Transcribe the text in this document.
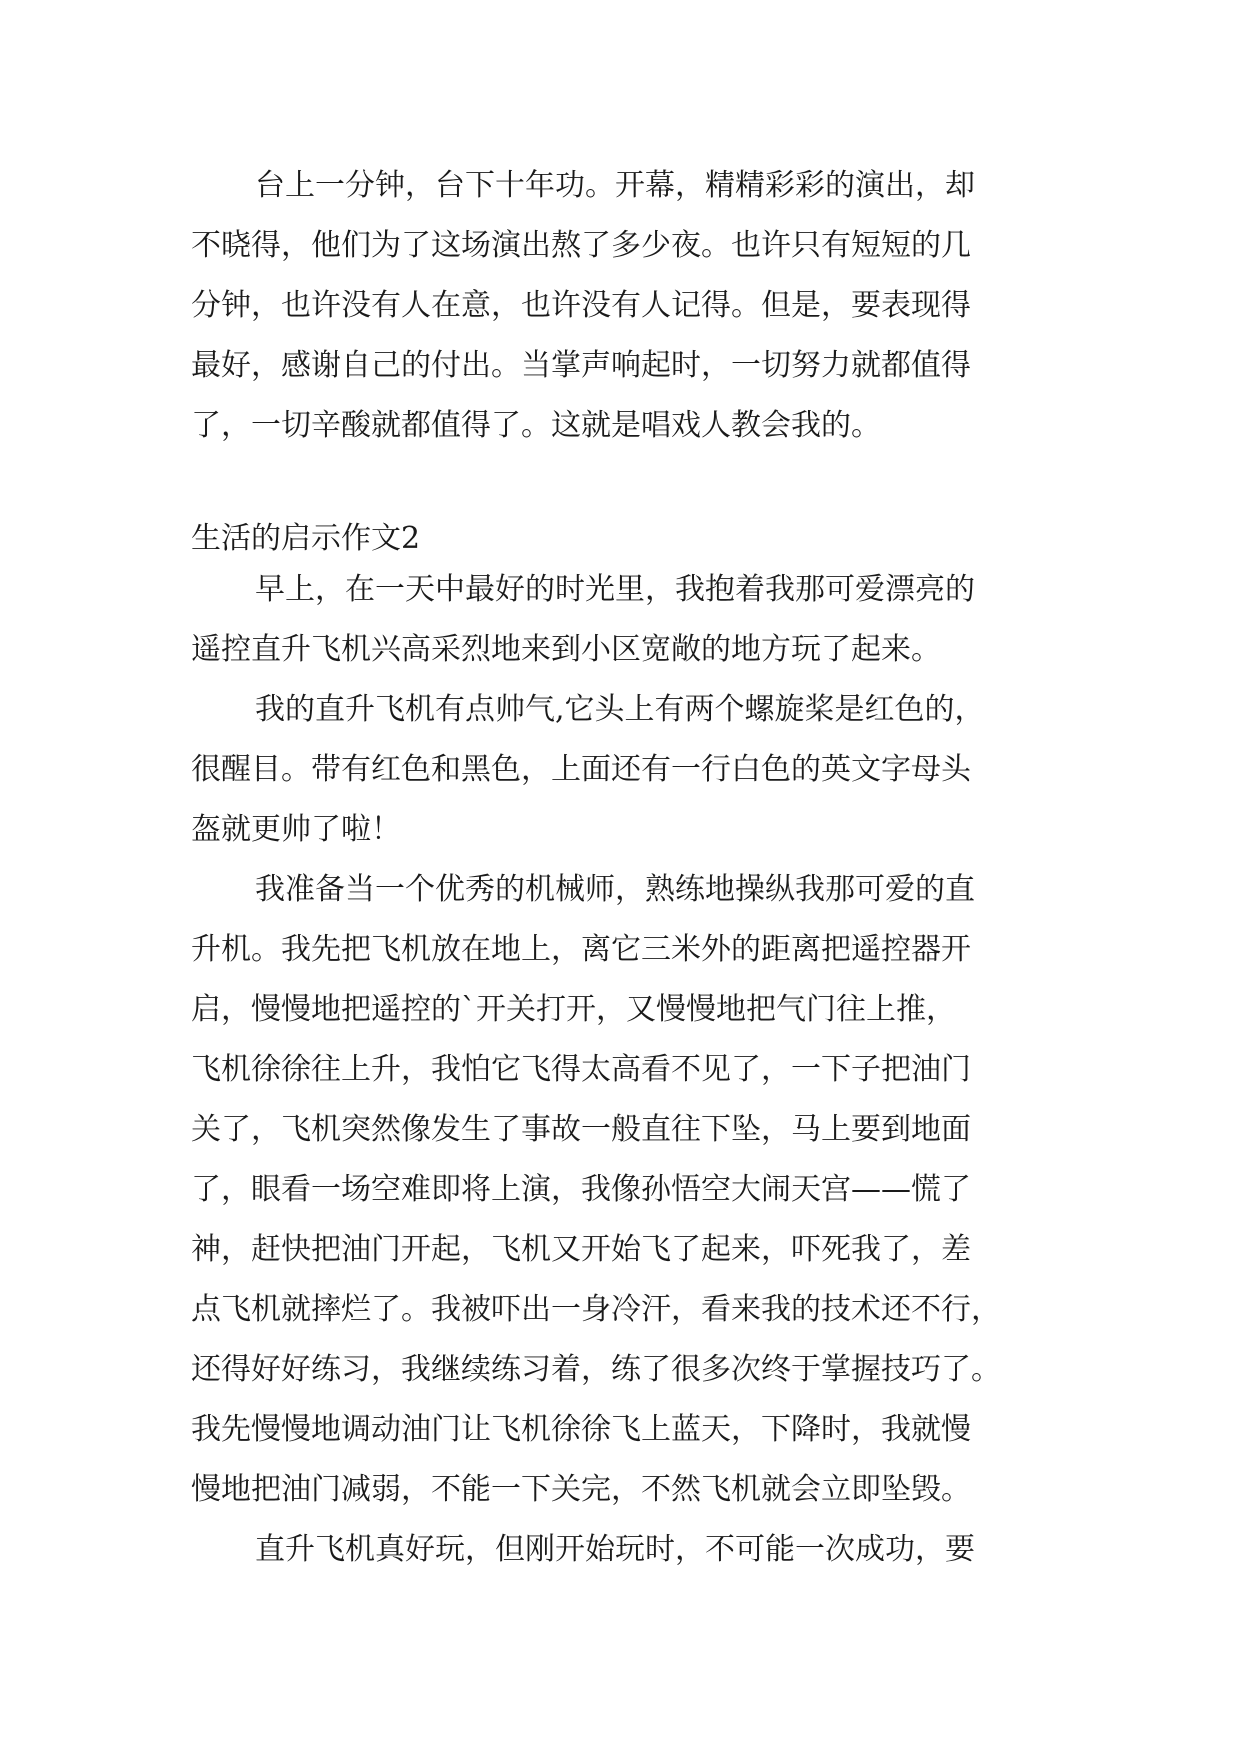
台上一分钟，台下十年功。开幕，精精彩彩的演出，却
不晓得，他们为了这场演出熬了多少夜。也许只有短短的几
分钟，也许没有人在意，也许没有人记得。但是，要表现得
最好，感谢自己的付出。当掌声响起时，一切努力就都值得
了，一切辛酸就都值得了。这就是唱戏人教会我的。
生活的启示作文2
早上，在一天中最好的时光里，我抱着我那可爱漂亮的
遥控直升飞机兴高采烈地来到小区宽敞的地方玩了起来。
我的直升飞机有点帅气,它头上有两个螺旋桨是红色的，
很醒目。带有红色和黑色，上面还有一行白色的英文字母头
盔就更帅了啦！
我准备当一个优秀的机械师，熟练地操纵我那可爱的直
升机。我先把飞机放在地上，离它三米外的距离把遥控器开
启，慢慢地把遥控的`开关打开，又慢慢地把气门往上推，
飞机徐徐往上升，我怕它飞得太高看不见了，一下子把油门
关了，飞机突然像发生了事故一般直往下坠，马上要到地面
了，眼看一场空难即将上演，我像孙悟空大闹天宫——慌了
神，赶快把油门开起，飞机又开始飞了起来，吓死我了，差
点飞机就摔烂了。我被吓出一身冷汗，看来我的技术还不行，
还得好好练习，我继续练习着，练了很多次终于掌握技巧了。
我先慢慢地调动油门让飞机徐徐飞上蓝天，下降时，我就慢
慢地把油门减弱，不能一下关完，不然飞机就会立即坠毁。
直升飞机真好玩，但刚开始玩时，不可能一次成功，要
